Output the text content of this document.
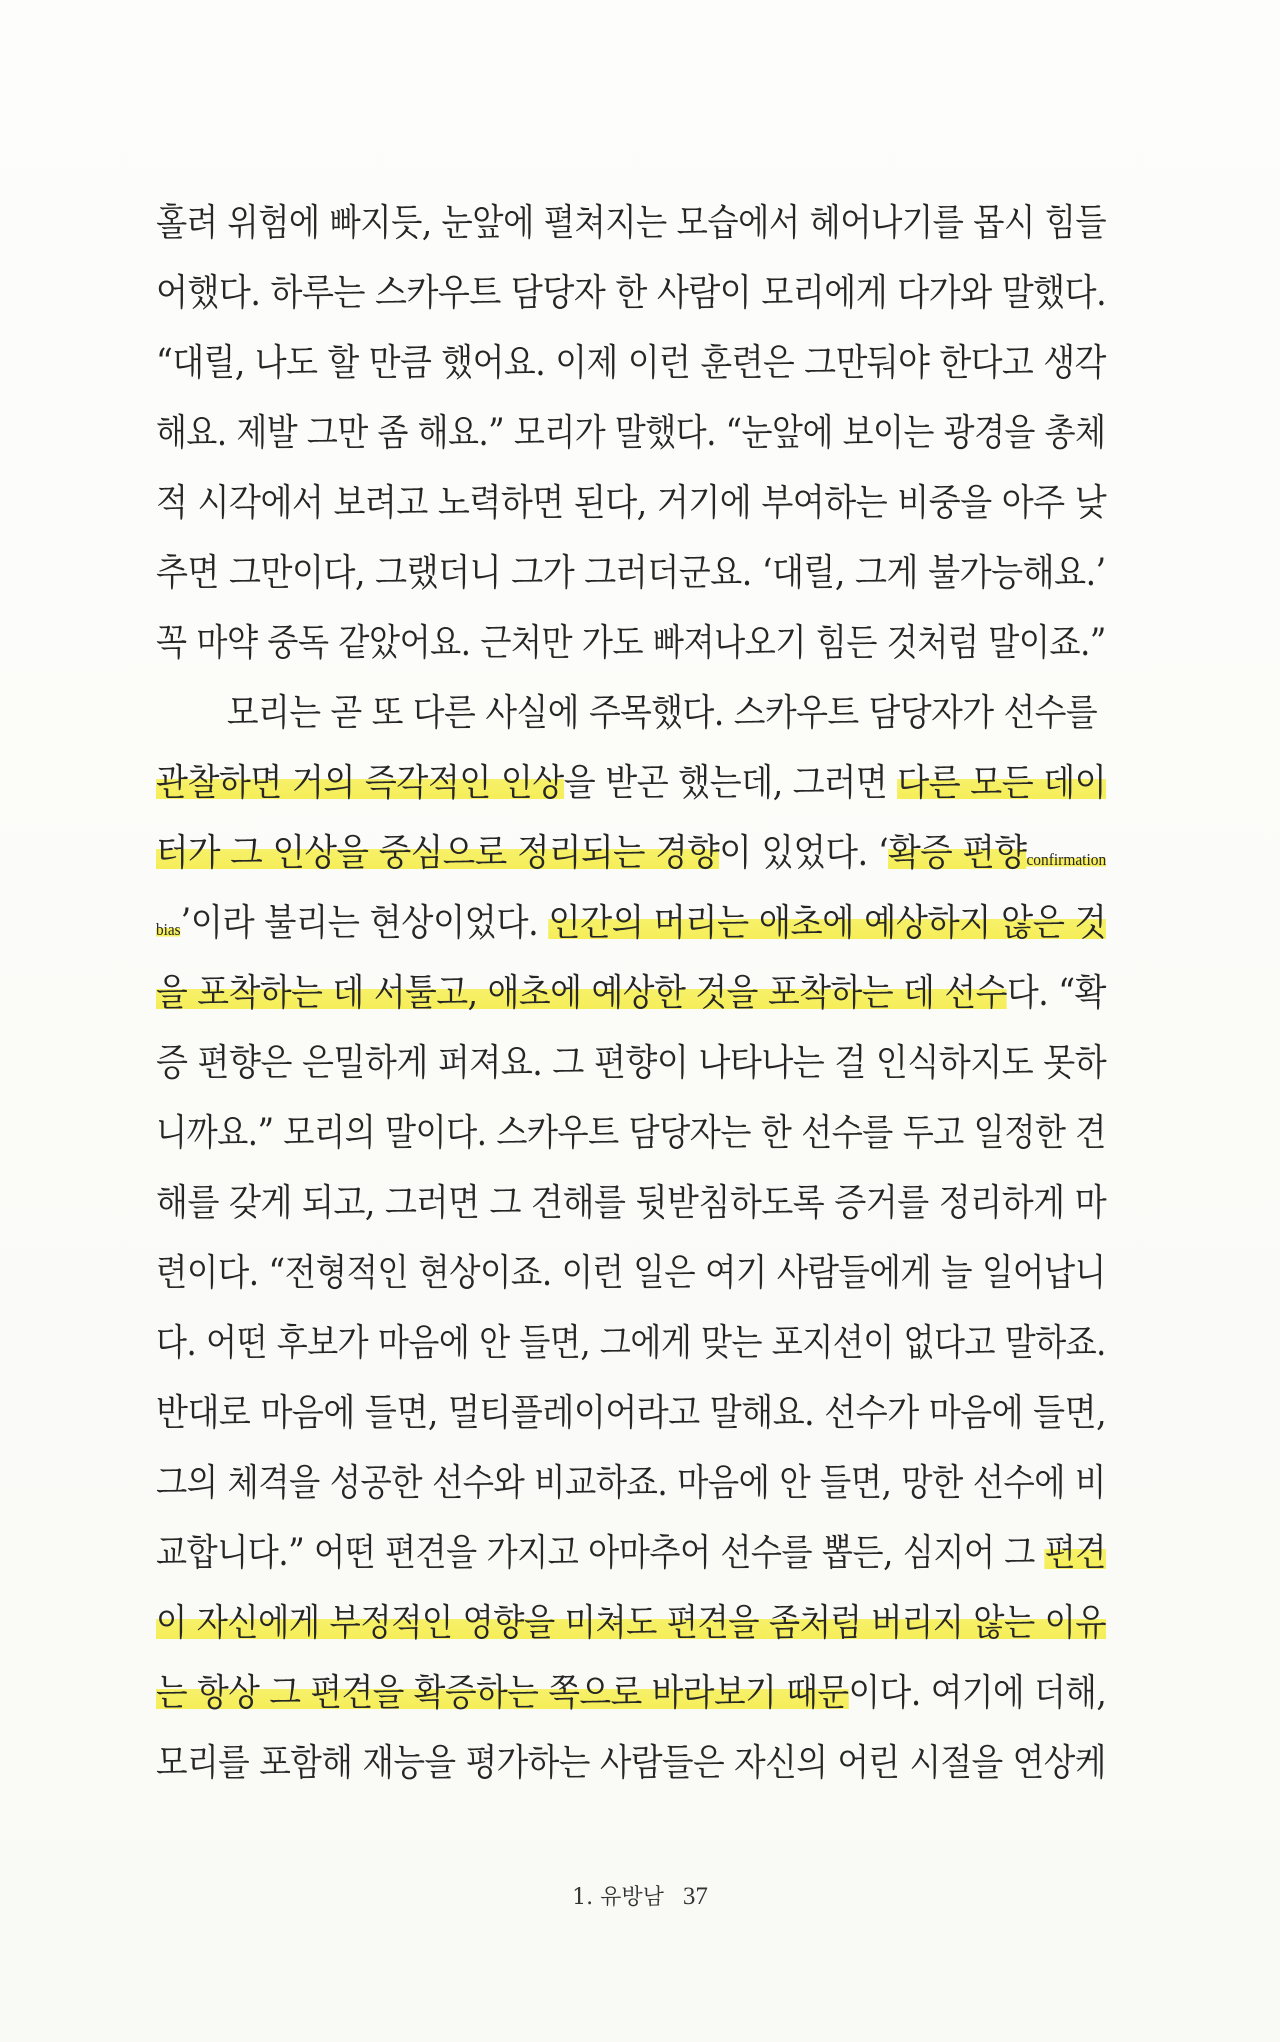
홀려 위험에 빠지듯, 눈앞에 펼쳐지는 모습에서 헤어나기를 몹시 힘들
어했다. 하루는 스카우트 담당자 한 사람이 모리에게 다가와 말했다.
“대릴, 나도 할 만큼 했어요. 이제 이런 훈련은 그만둬야 한다고 생각
해요. 제발 그만 좀 해요.” 모리가 말했다. “눈앞에 보이는 광경을 총체
적 시각에서 보려고 노력하면 된다, 거기에 부여하는 비중을 아주 낮
추면 그만이다, 그랬더니 그가 그러더군요. ‘대릴, 그게 불가능해요.’
꼭 마약 중독 같았어요. 근처만 가도 빠져나오기 힘든 것처럼 말이죠.”
모리는 곧 또 다른 사실에 주목했다. 스카우트 담당자가 선수를
관찰하면 거의 즉각적인 인상을 받곤 했는데, 그러면 다른 모든 데이
터가 그 인상을 중심으로 정리되는 경향이 있었다. ‘확증 편향confirmation
bias’이라 불리는 현상이었다. 인간의 머리는 애초에 예상하지 않은 것
을 포착하는 데 서툴고, 애초에 예상한 것을 포착하는 데 선수다. “확
증 편향은 은밀하게 퍼져요. 그 편향이 나타나는 걸 인식하지도 못하
니까요.” 모리의 말이다. 스카우트 담당자는 한 선수를 두고 일정한 견
해를 갖게 되고, 그러면 그 견해를 뒷받침하도록 증거를 정리하게 마
련이다. “전형적인 현상이죠. 이런 일은 여기 사람들에게 늘 일어납니
다. 어떤 후보가 마음에 안 들면, 그에게 맞는 포지션이 없다고 말하죠.
반대로 마음에 들면, 멀티플레이어라고 말해요. 선수가 마음에 들면,
그의 체격을 성공한 선수와 비교하죠. 마음에 안 들면, 망한 선수에 비
교합니다.” 어떤 편견을 가지고 아마추어 선수를 뽑든, 심지어 그 편견
이 자신에게 부정적인 영향을 미쳐도 편견을 좀처럼 버리지 않는 이유
는 항상 그 편견을 확증하는 쪽으로 바라보기 때문이다. 여기에 더해,
모리를 포함해 재능을 평가하는 사람들은 자신의 어린 시절을 연상케
1. 유방남 37
